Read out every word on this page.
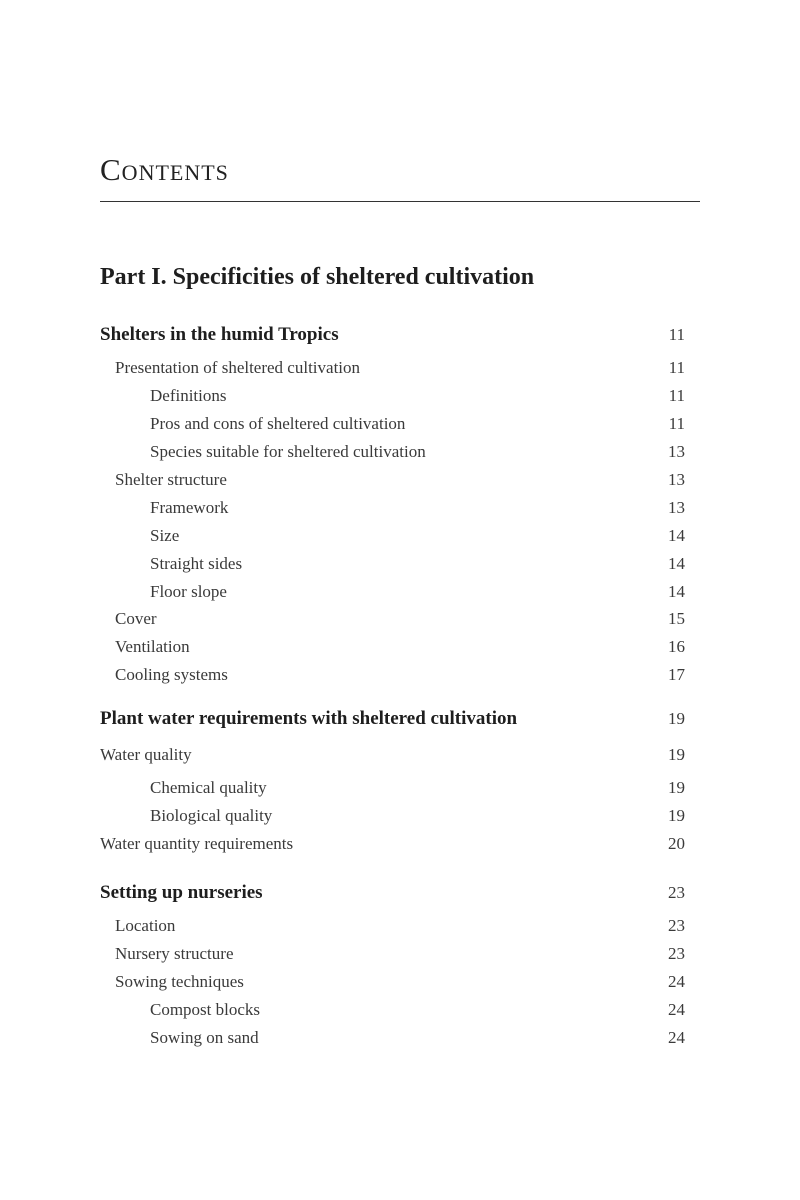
Contents
Part I. Specificities of sheltered cultivation
Shelters in the humid Tropics	11
Presentation of sheltered cultivation	11
Definitions	11
Pros and cons of sheltered cultivation	11
Species suitable for sheltered cultivation	13
Shelter structure	13
Framework	13
Size	14
Straight sides	14
Floor slope	14
Cover	15
Ventilation	16
Cooling systems	17
Plant water requirements with sheltered cultivation	19
Water quality	19
Chemical quality	19
Biological quality	19
Water quantity requirements	20
Setting up nurseries	23
Location	23
Nursery structure	23
Sowing techniques	24
Compost blocks	24
Sowing on sand	24
